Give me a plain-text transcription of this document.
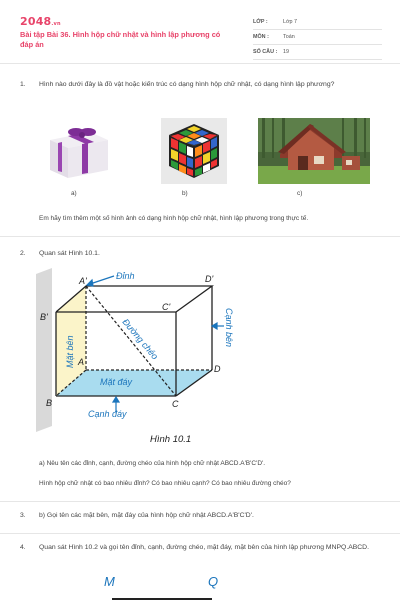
2048.vn
Bài tập Bài 36. Hình hộp chữ nhật và hình lập phương có đáp án
LỚP :	Lớp 7
MÔN :	Toán
SỐ CÂU : 19
1. Hình nào dưới đây là đồ vật hoặc kiến trúc có dạng hình hộp chữ nhật, có dạng hình lập phương?
a)	b)	c)
Em hãy tìm thêm một số hình ảnh có dạng hình hộp chữ nhật, hình lập phương trong thực tế.
2. Quan sát Hình 10.1.
Đỉnh
Cạnh bên
Đường chéo
Mặt bên
Mặt đáy
Cạnh đáy
A'
B'
C'
D'
A
B	C
D
Hình 10.1
a) Nêu tên các đỉnh, cạnh, đường chéo của hình hộp chữ nhật ABCD.A'B'C'D'.
Hình hộp chữ nhật có bao nhiêu đỉnh? Có bao nhiêu cạnh? Có bao nhiêu đường chéo?
3. b) Gọi tên các mặt bên, mặt đáy của hình hộp chữ nhật ABCD.A'B'C'D'.
4. Quan sát Hình 10.2 và gọi tên đỉnh, cạnh, đường chéo, mặt đáy, mặt bên của hình lập phương MNPQ.ABCD.
M	Q
